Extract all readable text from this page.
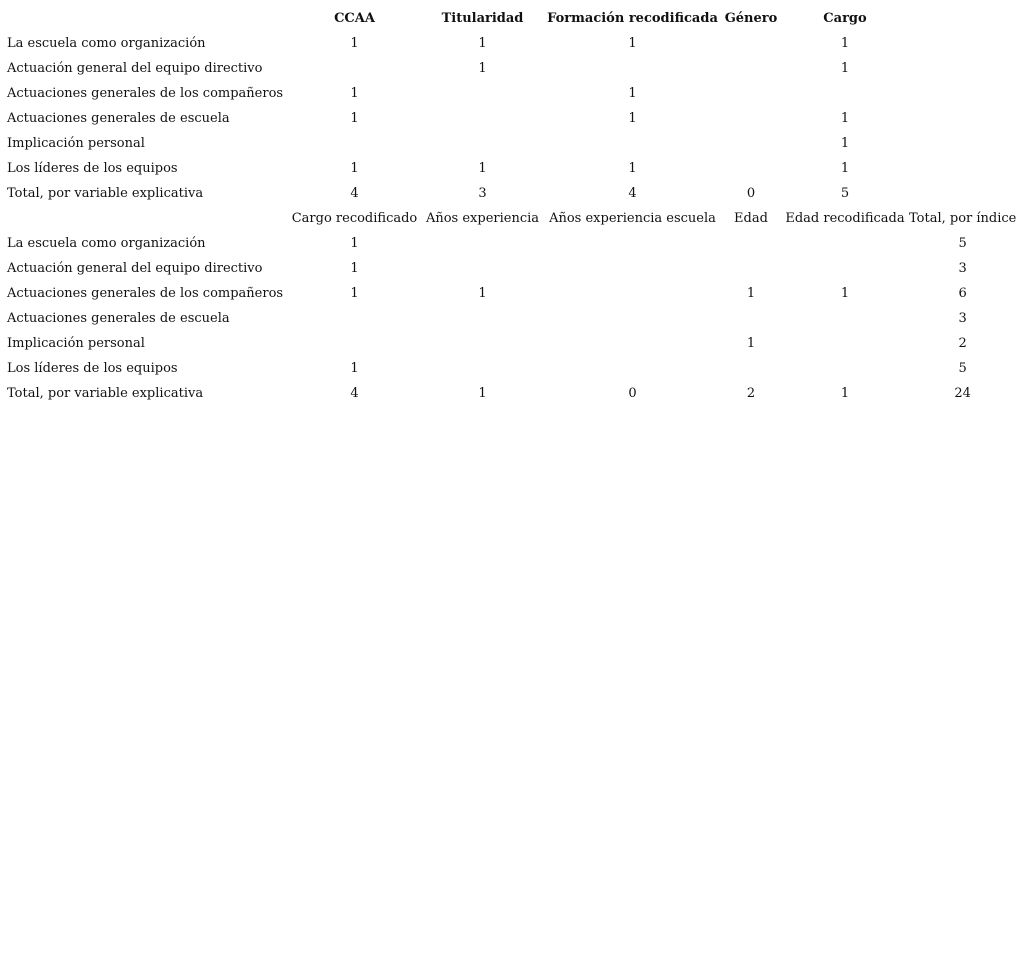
	CCAA	Titularidad	Formación recodificada	Género	Cargo	
La escuela como organización	1	1	1		1	
Actuación general del equipo directivo		1			1	
Actuaciones generales de los compañeros	1		1			
Actuaciones generales de escuela	1		1		1	
Implicación personal					1	
Los líderes de los equipos	1	1	1		1	
Total, por variable explicativa	4	3	4	0	5	
	Cargo recodificado	Años experiencia	Años experiencia escuela	Edad	Edad recodificada	Total, por índice
La escuela como organización	1					5
Actuación general del equipo directivo	1					3
Actuaciones generales de los compañeros	1	1		1	1	6
Actuaciones generales de escuela						3
Implicación personal				1		2
Los líderes de los equipos	1					5
Total, por variable explicativa	4	1	0	2	1	24
